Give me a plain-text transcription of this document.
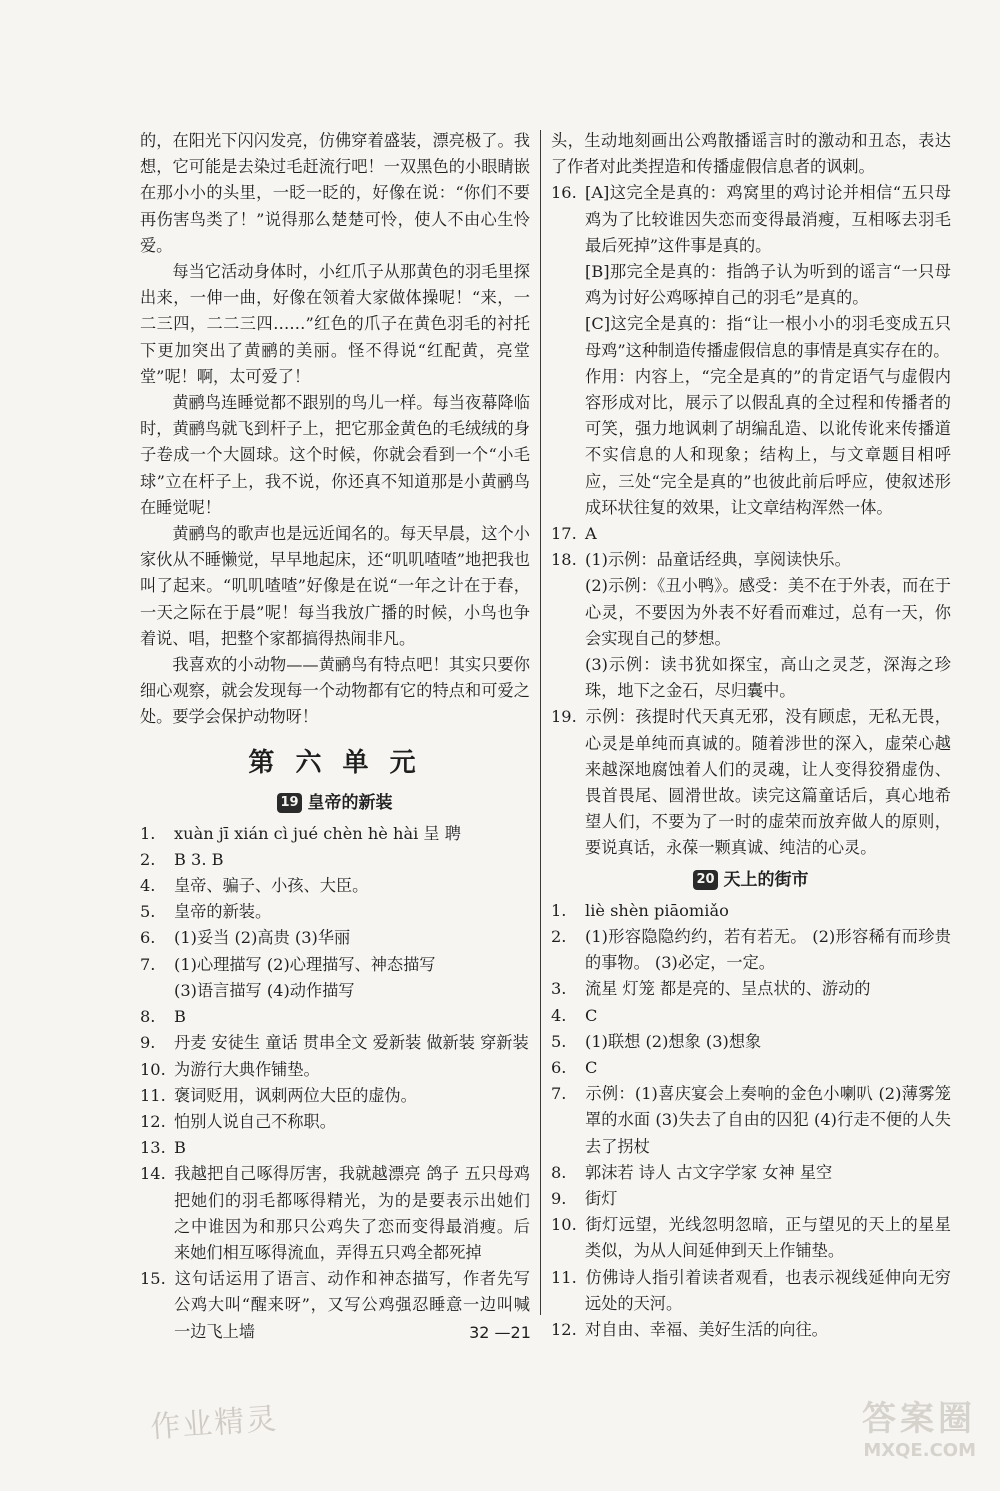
的，在阳光下闪闪发亮，仿佛穿着盛装，漂亮极了。我想，它可能是去染过毛赶流行吧！一双黑色的小眼睛嵌在那小小的头里，一眨一眨的，好像在说：“你们不要再伤害鸟类了！”说得那么楚楚可怜，使人不由心生怜爱。

每当它活动身体时，小红爪子从那黄色的羽毛里探出来，一伸一曲，好像在领着大家做体操呢！“来，一二三四，二二三四……”红色的爪子在黄色羽毛的衬托下更加突出了黄鹂的美丽。怪不得说“红配黄，亮堂堂”呢！啊，太可爱了！

黄鹂鸟连睡觉都不跟别的鸟儿一样。每当夜幕降临时，黄鹂鸟就飞到杆子上，把它那金黄色的毛绒绒的身子卷成一个大圆球。这个时候，你就会看到一个“小毛球”立在杆子上，我不说，你还真不知道那是小黄鹂鸟在睡觉呢！

黄鹂鸟的歌声也是远近闻名的。每天早晨，这个小家伙从不睡懒觉，早早地起床，还“叽叽喳喳”地把我也叫了起来。“叽叽喳喳”好像是在说“一年之计在于春，一天之际在于晨”呢！每当我放广播的时候，小鸟也争着说、唱，把整个家都搞得热闹非凡。

我喜欢的小动物——黄鹂鸟有特点吧！其实只要你细心观察，就会发现每一个动物都有它的特点和可爱之处。要学会保护动物呀！

第 六 单 元
19 皇帝的新装

1. xuàn jī xián cì jué chèn hè hài 呈 聘

2. B 3. B

4. 皇帝、骗子、小孩、大臣。

5. 皇帝的新装。

6. (1)妥当 (2)高贵 (3)华丽

7. (1)心理描写 (2)心理描写、神态描写

(3)语言描写 (4)动作描写

8. B

9. 丹麦 安徒生 童话 贯串全文 爱新装 做新装 穿新装

10. 为游行大典作铺垫。

11. 褒词贬用，讽刺两位大臣的虚伪。

12. 怕别人说自己不称职。

13. B

14. 我越把自己啄得厉害，我就越漂亮 鸽子 五只母鸡把她们的羽毛都啄得精光，为的是要表示出她们之中谁因为和那只公鸡失了恋而变得最消瘦。后来她们相互啄得流血，弄得五只鸡全都死掉

15. 这句话运用了语言、动作和神态描写，作者先写公鸡大叫“醒来呀”，又写公鸡强忍睡意一边叫喊一边飞上墙

头，生动地刻画出公鸡散播谣言时的激动和丑态，表达了作者对此类捏造和传播虚假信息者的讽刺。

16. [A]这完全是真的：鸡窝里的鸡讨论并相信“五只母鸡为了比较谁因失恋而变得最消瘦，互相啄去羽毛最后死掉”这件事是真的。

[B]那完全是真的：指鸽子认为听到的谣言“一只母鸡为讨好公鸡啄掉自己的羽毛”是真的。

[C]这完全是真的：指“让一根小小的羽毛变成五只母鸡”这种制造传播虚假信息的事情是真实存在的。

作用：内容上，“完全是真的”的肯定语气与虚假内容形成对比，展示了以假乱真的全过程和传播者的可笑，强力地讽刺了胡编乱造、以讹传讹来传播道不实信息的人和现象；结构上，与文章题目相呼应，三处“完全是真的”也彼此前后呼应，使叙述形成环状往复的效果，让文章结构浑然一体。

17. A

18. (1)示例：品童话经典，享阅读快乐。

(2)示例：《丑小鸭》。感受：美不在于外表，而在于心灵，不要因为外表不好看而难过，总有一天，你会实现自己的梦想。

(3)示例：读书犹如探宝，高山之灵芝，深海之珍珠，地下之金石，尽归囊中。

19. 示例：孩提时代天真无邪，没有顾虑，无私无畏，心灵是单纯而真诚的。随着涉世的深入，虚荣心越来越深地腐蚀着人们的灵魂，让人变得狡猾虚伪、畏首畏尾、圆滑世故。读完这篇童话后，真心地希望人们，不要为了一时的虚荣而放弃做人的原则，要说真话，永葆一颗真诚、纯洁的心灵。

20 天上的街市

1. liè shèn piāomiǎo

2. (1)形容隐隐约约，若有若无。 (2)形容稀有而珍贵的事物。 (3)必定，一定。

3. 流星 灯笼 都是亮的、呈点状的、游动的

4. C

5. (1)联想 (2)想象 (3)想象

6. C

7. 示例：(1)喜庆宴会上奏响的金色小喇叭 (2)薄雾笼罩的水面 (3)失去了自由的囚犯 (4)行走不便的人失去了拐杖

8. 郭沫若 诗人 古文字学家 女神 星空

9. 街灯

10. 街灯远望，光线忽明忽暗，正与望见的天上的星星类似，为从人间延伸到天上作铺垫。

11. 仿佛诗人指引着读者观看，也表示视线延伸向无穷远处的天河。

12. 对自由、幸福、美好生活的向往。

32 —21
作业精灵	答案圈
MXQE.COM
